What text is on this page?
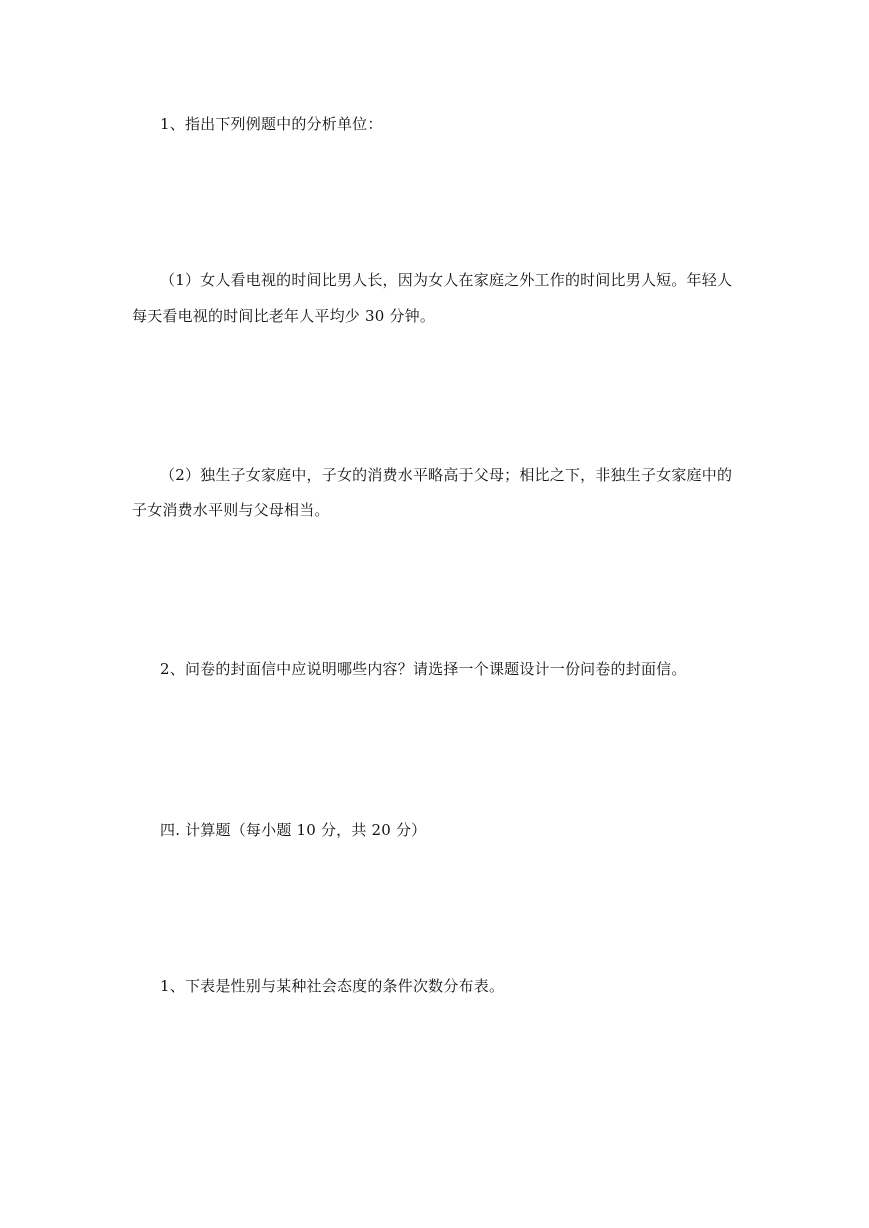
1、指出下列例题中的分析单位：
（1）女人看电视的时间比男人长，因为女人在家庭之外工作的时间比男人短。年轻人
每天看电视的时间比老年人平均少 30 分钟。
（2）独生子女家庭中，子女的消费水平略高于父母；相比之下，非独生子女家庭中的
子女消费水平则与父母相当。
2、问卷的封面信中应说明哪些内容？请选择一个课题设计一份问卷的封面信。
四. 计算题（每小题 10 分，共 20 分）
1、下表是性别与某种社会态度的条件次数分布表。
